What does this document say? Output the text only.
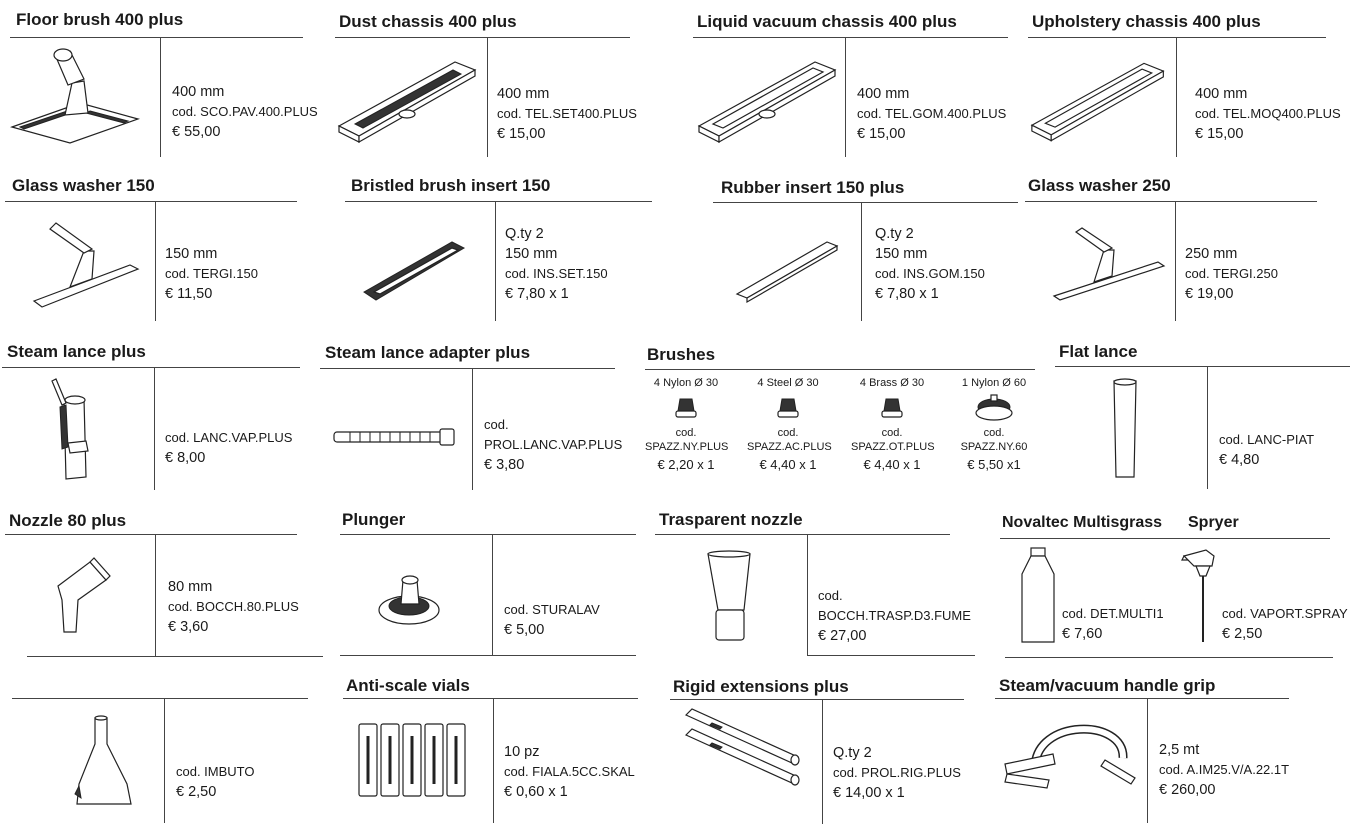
Floor brush 400 plus
400 mm
cod. SCO.PAV.400.PLUS
€ 55,00
Dust chassis 400 plus
400 mm
cod. TEL.SET400.PLUS
€ 15,00
Liquid vacuum chassis 400 plus
400 mm
cod. TEL.GOM.400.PLUS
€ 15,00
Upholstery chassis 400 plus
400 mm
cod. TEL.MOQ400.PLUS
€ 15,00
Glass washer 150
150 mm
cod. TERGI.150
€ 11,50
Bristled brush insert 150
Q.ty 2
150 mm
cod. INS.SET.150
€ 7,80 x 1
Rubber insert 150 plus
Q.ty 2
150 mm
cod. INS.GOM.150
€ 7,80 x 1
Glass washer 250
250 mm
cod. TERGI.250
€ 19,00
Steam lance plus
cod. LANC.VAP.PLUS
€ 8,00
Steam lance adapter plus
cod.
PROL.LANC.VAP.PLUS
€ 3,80
Brushes
4 Nylon Ø 30
cod.
SPAZZ.NY.PLUS
€ 2,20 x 1
4 Steel Ø 30
cod.
SPAZZ.AC.PLUS
€ 4,40 x 1
4 Brass Ø 30
cod.
SPAZZ.OT.PLUS
€ 4,40 x 1
1 Nylon Ø 60
cod.
SPAZZ.NY.60
€ 5,50 x1
Flat lance
cod. LANC-PIAT
€ 4,80
Nozzle 80 plus
80 mm
cod. BOCCH.80.PLUS
€ 3,60
Plunger
cod. STURALAV
€ 5,00
Trasparent nozzle
cod.
BOCCH.TRASP.D3.FUME
€ 27,00
Novaltec Multisgrass Spryer
cod. DET.MULTI1
€ 7,60
cod. VAPORT.SPRAY
€ 2,50
cod. IMBUTO
€ 2,50
Anti-scale vials
10 pz
cod. FIALA.5CC.SKAL
€ 0,60 x 1
Rigid extensions plus
Q.ty 2
cod. PROL.RIG.PLUS
€ 14,00 x 1
Steam/vacuum handle grip
2,5 mt
cod. A.IM25.V/A.22.1T
€ 260,00
